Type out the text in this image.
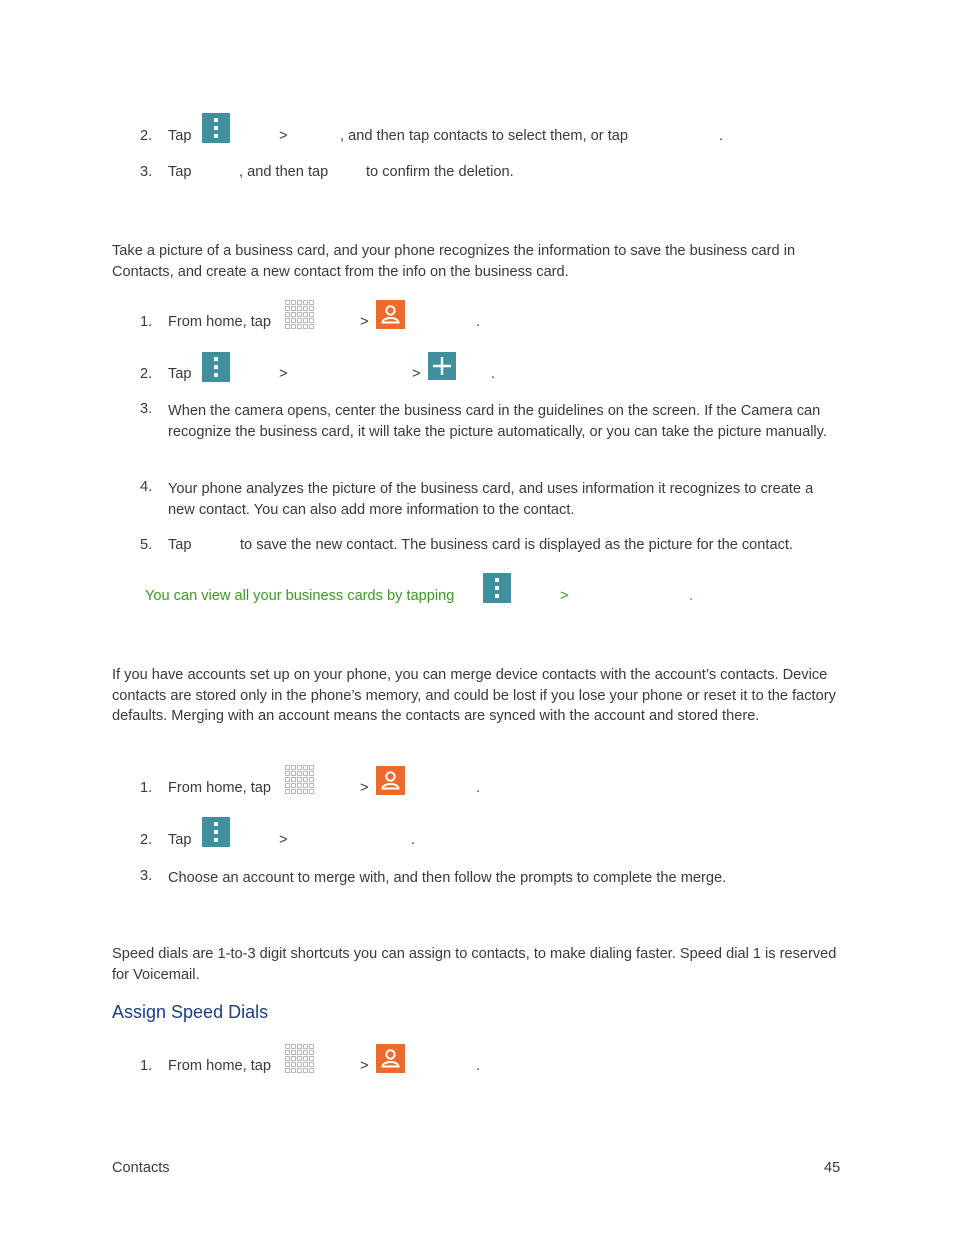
2. Tap	>	, and then tap contacts to select them, or tap	.
3. Tap	, and then tap	to confirm the deletion.
Take a picture of a business card, and your phone recognizes the information to save the business card in Contacts, and create a new contact from the info on the business card.
1. From home, tap	>	.
2. Tap	>	>	.
3. When the camera opens, center the business card in the guidelines on the screen. If the Camera can recognize the business card, it will take the picture automatically, or you can take the picture manually.
4. Your phone analyzes the picture of the business card, and uses information it recognizes to create a new contact. You can also add more information to the contact.
5. Tap	to save the new contact. The business card is displayed as the picture for the contact.
You can view all your business cards by tapping	>	.
If you have accounts set up on your phone, you can merge device contacts with the account’s contacts. Device contacts are stored only in the phone’s memory, and could be lost if you lose your phone or reset it to the factory defaults. Merging with an account means the contacts are synced with the account and stored there.
1. From home, tap	>	.
2. Tap	>	.
3. Choose an account to merge with, and then follow the prompts to complete the merge.
Speed dials are 1-to-3 digit shortcuts you can assign to contacts, to make dialing faster. Speed dial 1 is reserved for Voicemail.
Assign Speed Dials
1. From home, tap	>	.
Contacts	45
